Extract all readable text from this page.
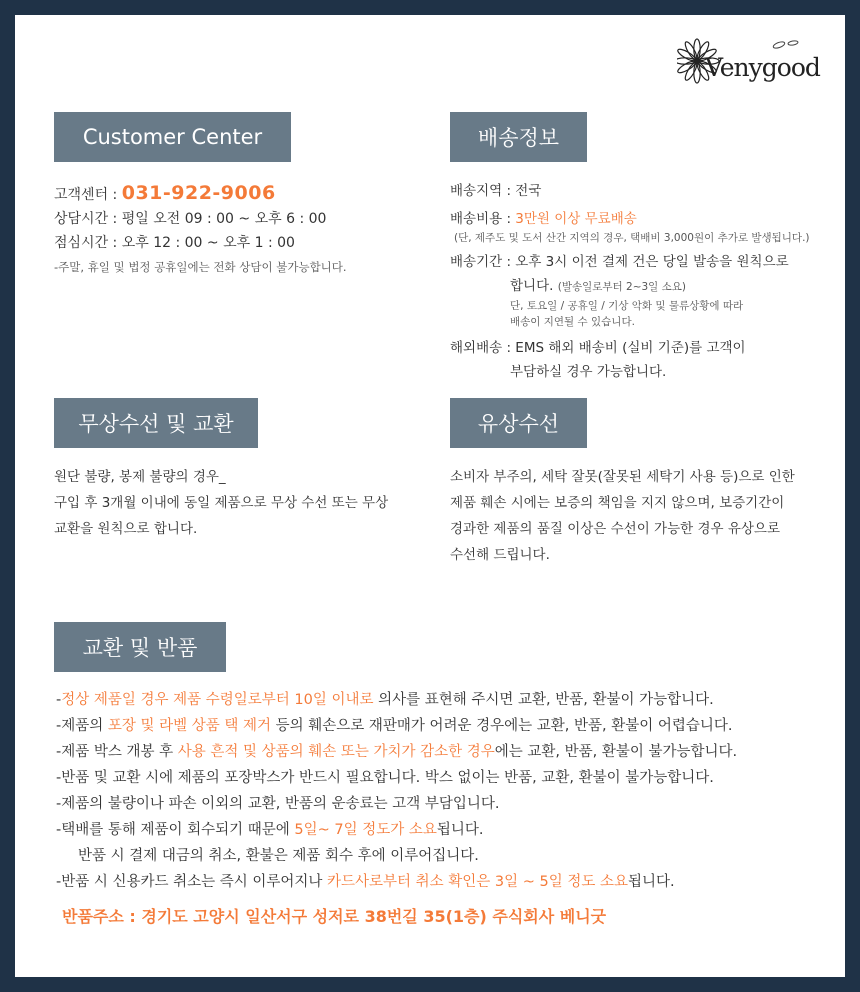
Venygood
Customer Center
고객센터 : 031-922-9006
상담시간 : 평일 오전 09 : 00 ~ 오후 6 : 00
점심시간 : 오후 12 : 00 ~ 오후 1 : 00
-주말, 휴일 및 법정 공휴일에는 전화 상담이 불가능합니다.
배송정보
배송지역 : 전국
배송비용 : 3만원 이상 무료배송
(단, 제주도 및 도서 산간 지역의 경우, 택배비 3,000원이 추가로 발생됩니다.)
배송기간 : 오후 3시 이전 결제 건은 당일 발송을 원칙으로
합니다. (발송일로부터 2~3일 소요)
단, 토요일 / 공휴일 / 기상 악화 및 물류상황에 따라
배송이 지연될 수 있습니다.
해외배송 : EMS 해외 배송비 (실비 기준)를 고객이
부담하실 경우 가능합니다.
무상수선 및 교환
원단 불량, 봉제 불량의 경우_
구입 후 3개월 이내에 동일 제품으로 무상 수선 또는 무상
교환을 원칙으로 합니다.
유상수선
소비자 부주의, 세탁 잘못(잘못된 세탁기 사용 등)으로 인한
제품 훼손 시에는 보증의 책임을 지지 않으며, 보증기간이
경과한 제품의 품질 이상은 수선이 가능한 경우 유상으로
수선해 드립니다.
교환 및 반품
-정상 제품일 경우 제품 수령일로부터 10일 이내로 의사를 표현해 주시면 교환, 반품, 환불이 가능합니다.
-제품의 포장 및 라벨 상품 택 제거 등의 훼손으로 재판매가 어려운 경우에는 교환, 반품, 환불이 어렵습니다.
-제품 박스 개봉 후 사용 흔적 및 상품의 훼손 또는 가치가 감소한 경우에는 교환, 반품, 환불이 불가능합니다.
-반품 및 교환 시에 제품의 포장박스가 반드시 필요합니다. 박스 없이는 반품, 교환, 환불이 불가능합니다.
-제품의 불량이나 파손 이외의 교환, 반품의 운송료는 고객 부담입니다.
-택배를 통해 제품이 회수되기 때문에 5일~ 7일 정도가 소요됩니다.
반품 시 결제 대금의 취소, 환불은 제품 회수 후에 이루어집니다.
-반품 시 신용카드 취소는 즉시 이루어지나 카드사로부터 취소 확인은 3일 ~ 5일 정도 소요됩니다.
반품주소 : 경기도 고양시 일산서구 성저로 38번길 35(1층) 주식회사 베니굿
